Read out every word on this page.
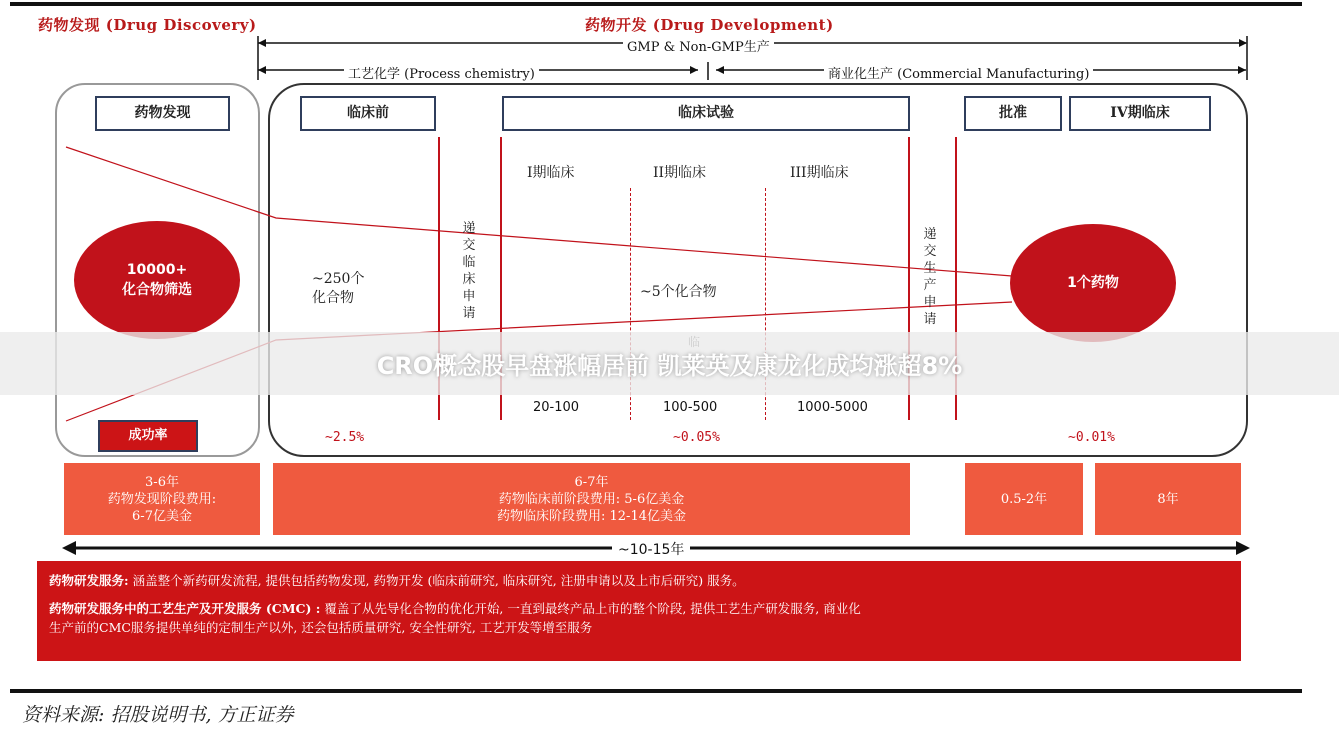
药物发现 (Drug Discovery)	药物开发 (Drug Development)
GMP & Non-GMP生产
工艺化学 (Process chemistry)	商业化生产 (Commercial Manufacturing)
药物发现	临床前	临床试验	批准	IV期临床
I期临床	II期临床	III期临床
10000+
化合物筛选	1个药物
~250个
化合物	~5个化合物
递交临床申请
递交生产申请
CRO概念股早盘涨幅居前 凯莱英及康龙化成均涨超8%
20-100	100-500	1000-5000
成功率	~2.5%	~0.05%	~0.01%
3-6年
药物发现阶段费用:
6-7亿美金
6-7年
药物临床前阶段费用: 5-6亿美金
药物临床阶段费用: 12-14亿美金
0.5-2年	8年
~10-15年
药物研发服务: 涵盖整个新药研发流程, 提供包括药物发现, 药物开发 (临床前研究, 临床研究, 注册申请以及上市后研究) 服务。
药物研发服务中的工艺生产及开发服务 (CMC) : 覆盖了从先导化合物的优化开始, 一直到最终产品上市的整个阶段, 提供工艺生产研发服务, 商业化
生产前的CMC服务提供单纯的定制生产以外, 还会包括质量研究, 安全性研究, 工艺开发等增至服务
资料来源: 招股说明书, 方正证券
